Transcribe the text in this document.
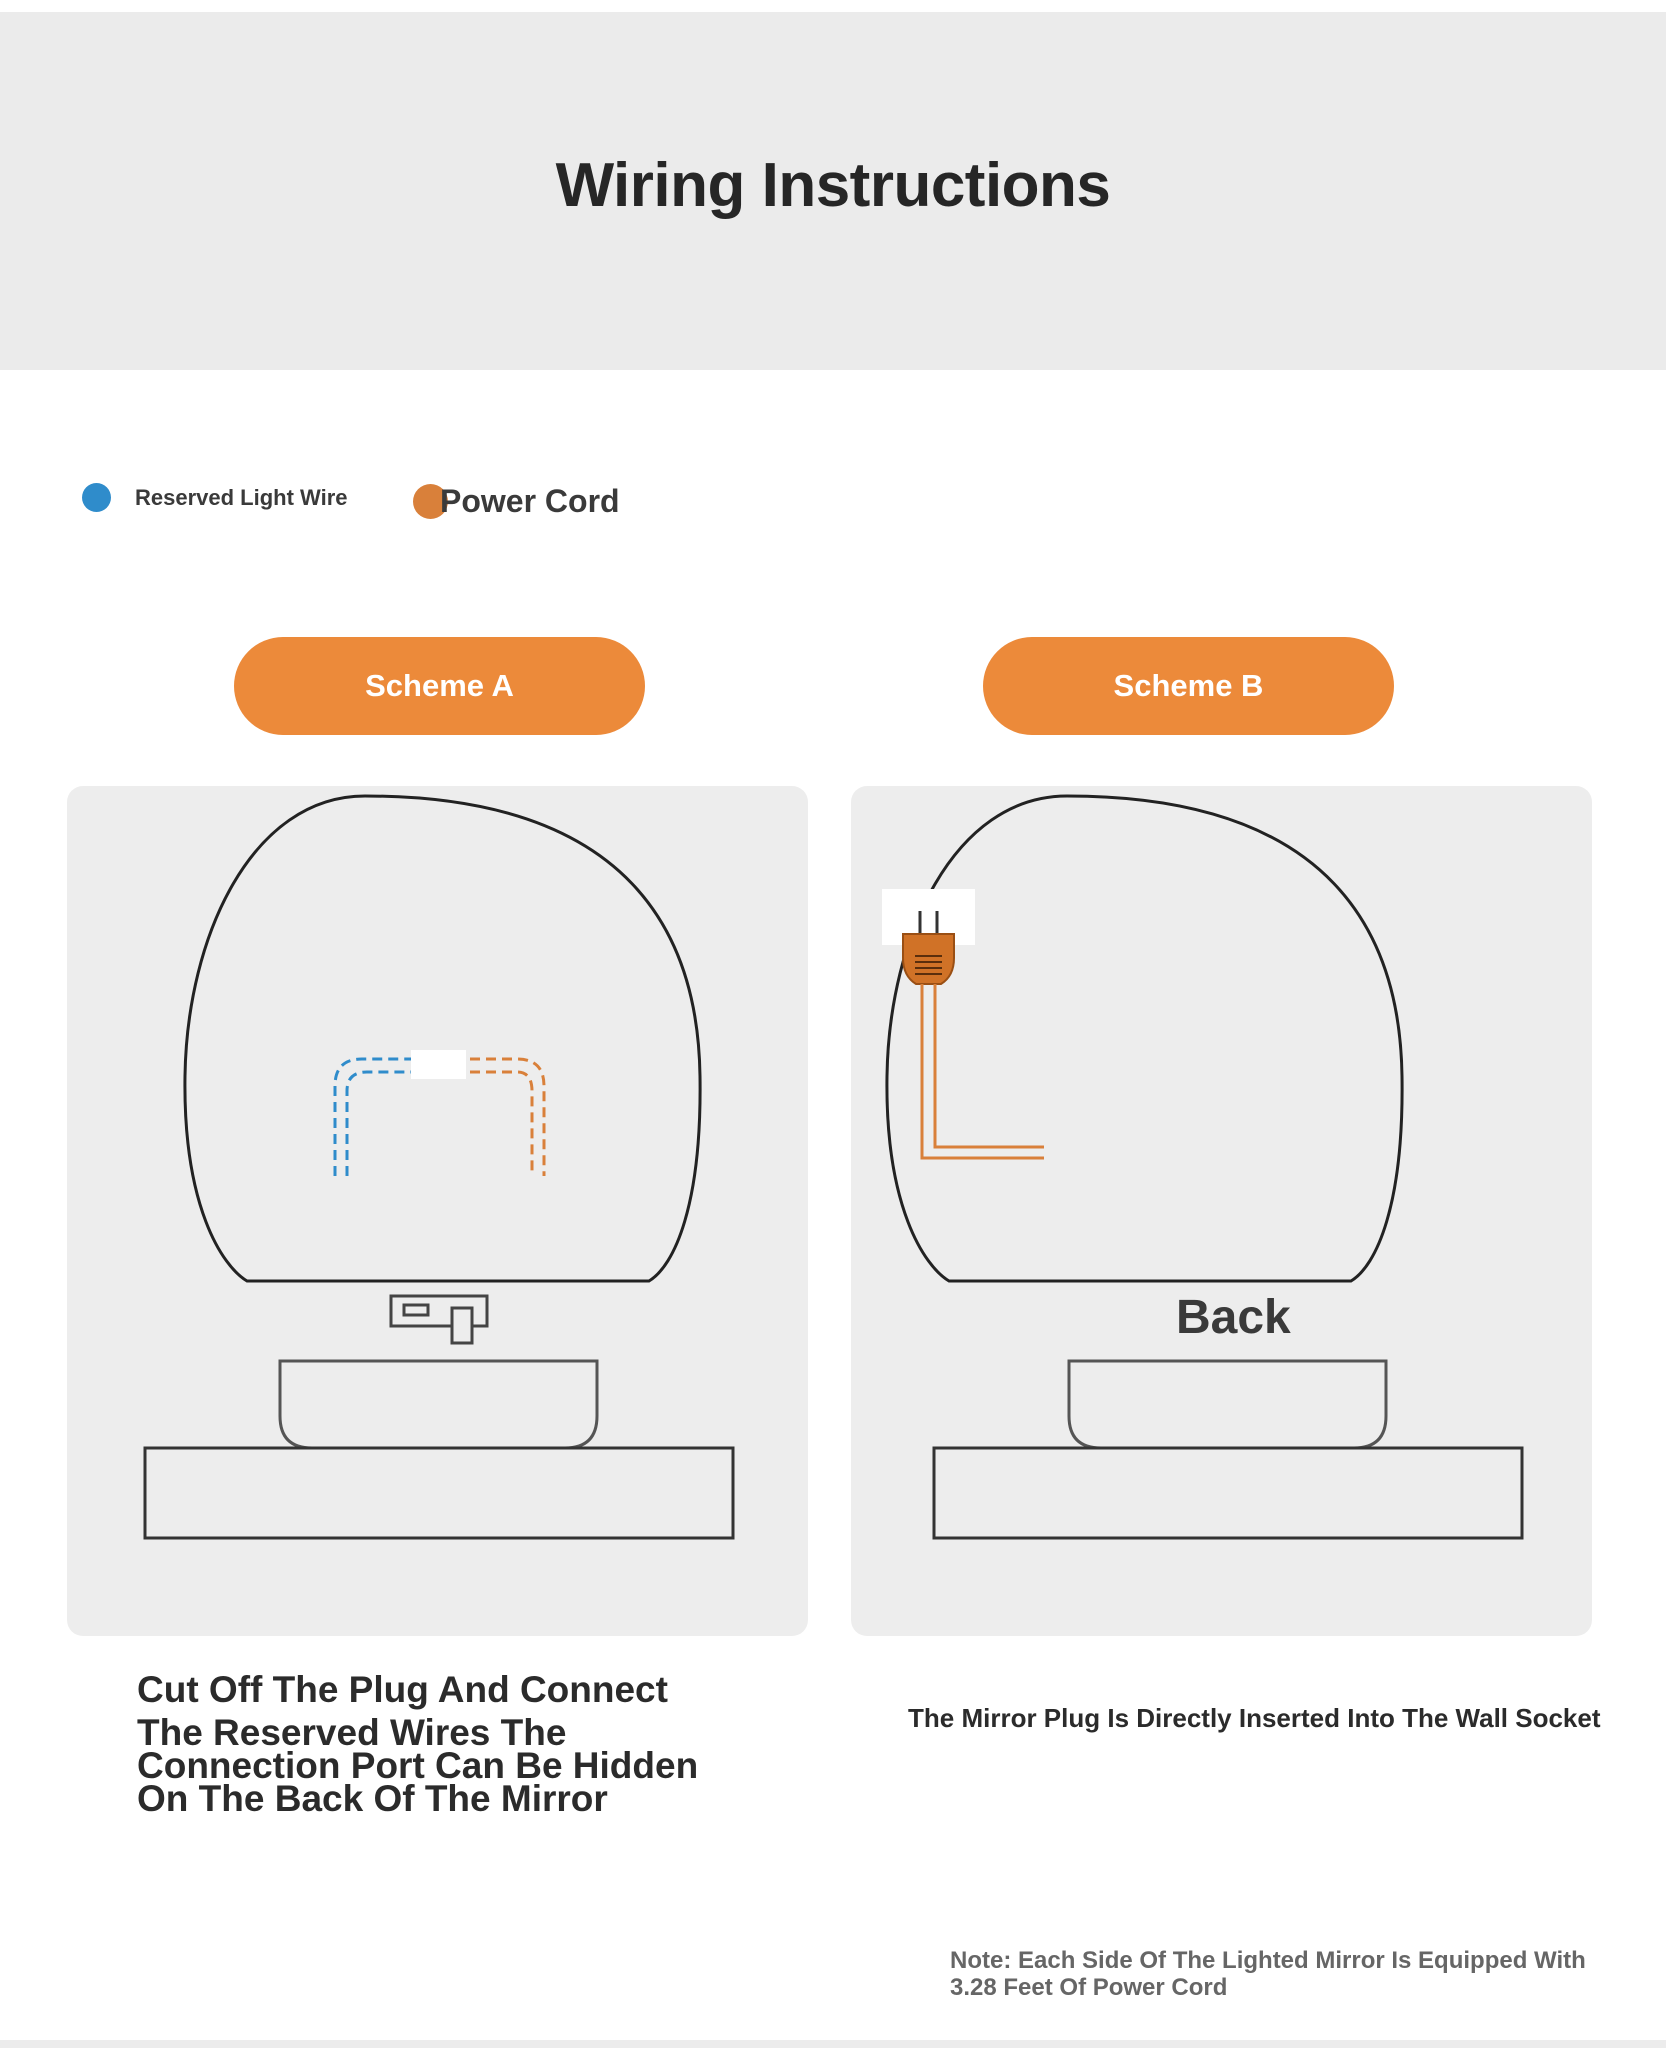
Wiring Instructions
Reserved Light Wire	Power Cord
Scheme A	Scheme B
Back
Cut Off The Plug And Connect
The Reserved Wires The Connection Port Can Be Hidden On The Back Of The Mirror
The Mirror Plug Is Directly Inserted Into The Wall Socket
Note: Each Side Of The Lighted Mirror Is Equipped With 3.28 Feet Of Power Cord
